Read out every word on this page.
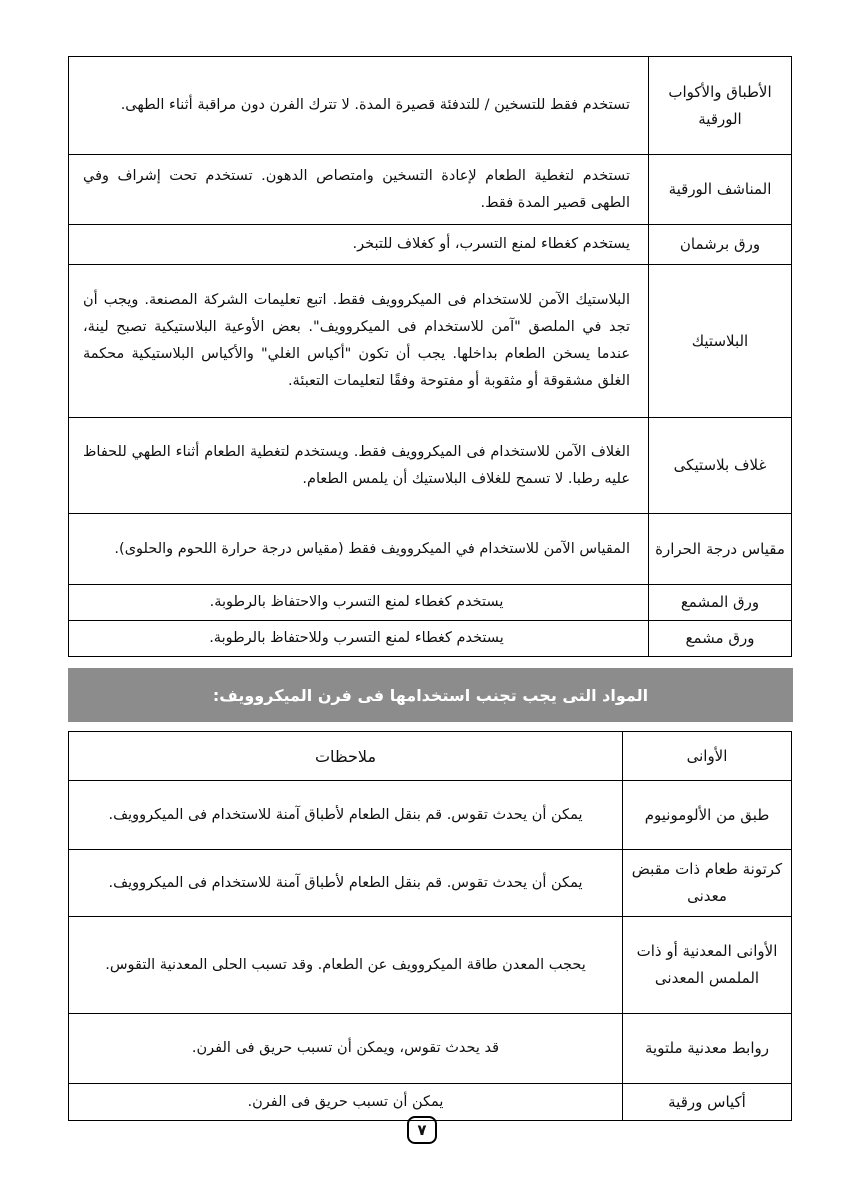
الأطباق والأكواب الورقية	تستخدم فقط للتسخين / للتدفئة قصيرة المدة. لا تترك الفرن دون مراقبة أثناء الطهى.
المناشف الورقية	تستخدم لتغطية الطعام لإعادة التسخين وامتصاص الدهون. تستخدم تحت إشراف وفي الطهى قصير المدة فقط.
ورق برشمان	يستخدم كغطاء لمنع التسرب، أو كغلاف للتبخر.
البلاستيك	البلاستيك الآمن للاستخدام فى الميكروويف فقط. اتبع تعليمات الشركة المصنعة. ويجب أن تجد في الملصق "آمن للاستخدام فى الميكروويف". بعض الأوعية البلاستيكية تصبح لينة، عندما يسخن الطعام بداخلها. يجب أن تكون "أكياس الغلي" والأكياس البلاستيكية محكمة الغلق مشقوقة أو مثقوبة أو مفتوحة وفقًا لتعليمات التعبئة.
غلاف بلاستيكى	الغلاف الآمن للاستخدام فى الميكروويف فقط. ويستخدم لتغطية الطعام أثناء الطهي للحفاظ عليه رطبا. لا تسمح للغلاف البلاستيك أن يلمس الطعام.
مقياس درجة الحرارة	المقياس الآمن للاستخدام في الميكروويف فقط (مقياس درجة حرارة اللحوم والحلوى).
ورق المشمع	يستخدم كغطاء لمنع التسرب والاحتفاظ بالرطوبة.
ورق مشمع	يستخدم كغطاء لمنع التسرب وللاحتفاظ بالرطوبة.
المواد التى يجب تجنب استخدامها فى فرن الميكروويف:
الأوانى	ملاحظات
طبق من الألومونيوم	يمكن أن يحدث تقوس. قم بنقل الطعام لأطباق آمنة للاستخدام فى الميكروويف.
كرتونة طعام ذات مقبض معدنى	يمكن أن يحدث تقوس. قم بنقل الطعام لأطباق آمنة للاستخدام فى الميكروويف.
الأوانى المعدنية أو ذات الملمس المعدنى	يحجب المعدن طاقة الميكروويف عن الطعام. وقد تسبب الحلى المعدنية التقوس.
روابط معدنية ملتوية	قد يحدث تقوس، ويمكن أن تسبب حريق فى الفرن.
أكياس ورقية	يمكن أن تسبب حريق فى الفرن.
٧
